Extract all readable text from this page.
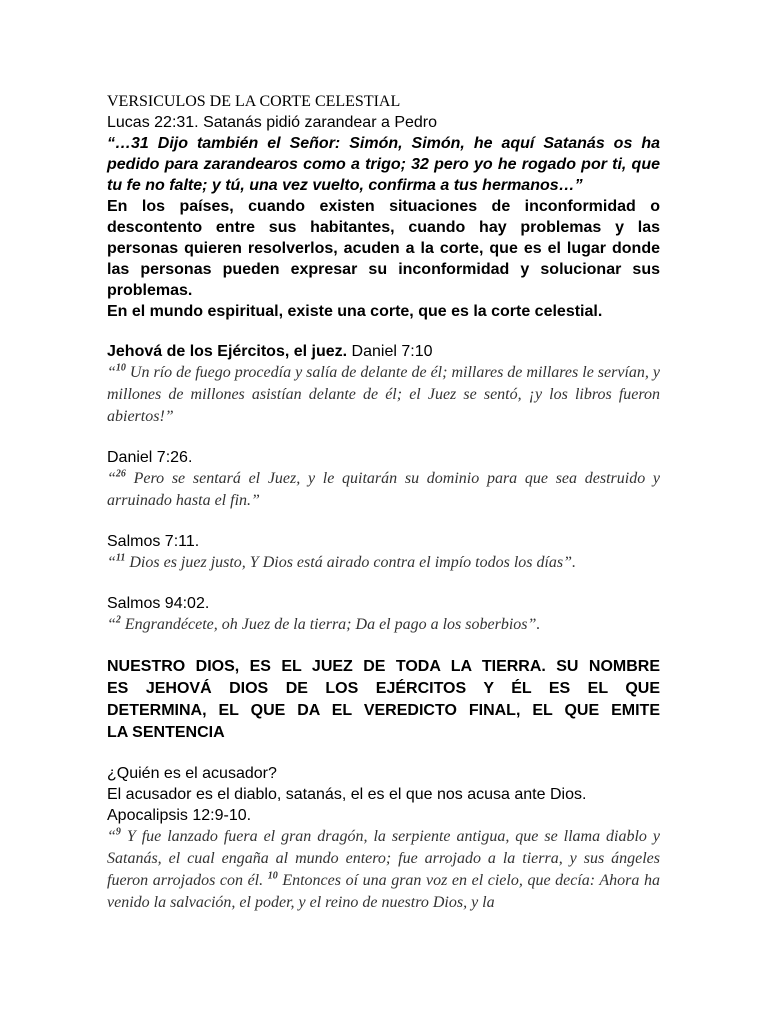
VERSICULOS DE LA CORTE CELESTIAL

Lucas 22:31. Satanás pidió zarandear a Pedro

“…31 Dijo también el Señor: Simón, Simón, he aquí Satanás os ha pedido para zarandearos como a trigo; 32 pero yo he rogado por ti, que tu fe no falte; y tú, una vez vuelto, confirma a tus hermanos…”

En los países, cuando existen situaciones de inconformidad o descontento entre sus habitantes, cuando hay problemas y las personas quieren resolverlos, acuden a la corte, que es el lugar donde las personas pueden expresar su inconformidad y solucionar sus problemas.

En el mundo espiritual, existe una corte, que es la corte celestial.

Jehová de los Ejércitos, el juez. Daniel 7:10

“$^{10}$ Un río de fuego procedía y salía de delante de él; millares de millares le servían, y millones de millones asistían delante de él; el Juez se sentó, ¡y los libros fueron abiertos!”

Daniel 7:26.

“$^{26}$ Pero se sentará el Juez, y le quitarán su dominio para que sea destruido y arruinado hasta el fin.”

Salmos 7:11.

“$^{11}$ Dios es juez justo, Y Dios está airado contra el impío todos los días”.

Salmos 94:02.

“$^2$ Engrandécete, oh Juez de la tierra; Da el pago a los soberbios”.

NUESTRO DIOS, ES EL JUEZ DE TODA LA TIERRA. SU NOMBRE
ES JEHOVÁ DIOS DE LOS EJÉRCITOS Y ÉL ES EL QUE
DETERMINA, EL QUE DA EL VEREDICTO FINAL, EL QUE EMITE
LA SENTENCIA

¿Quién es el acusador?

El acusador es el diablo, satanás, el es el que nos acusa ante Dios.

Apocalipsis 12:9-10.

“$^9$ Y fue lanzado fuera el gran dragón, la serpiente antigua, que se llama diablo y Satanás, el cual engaña al mundo entero; fue arrojado a la tierra, y sus ángeles fueron arrojados con él. $^{10}$ Entonces oí una gran voz en el cielo, que decía: Ahora ha venido la salvación, el poder, y el reino de nuestro Dios, y la
